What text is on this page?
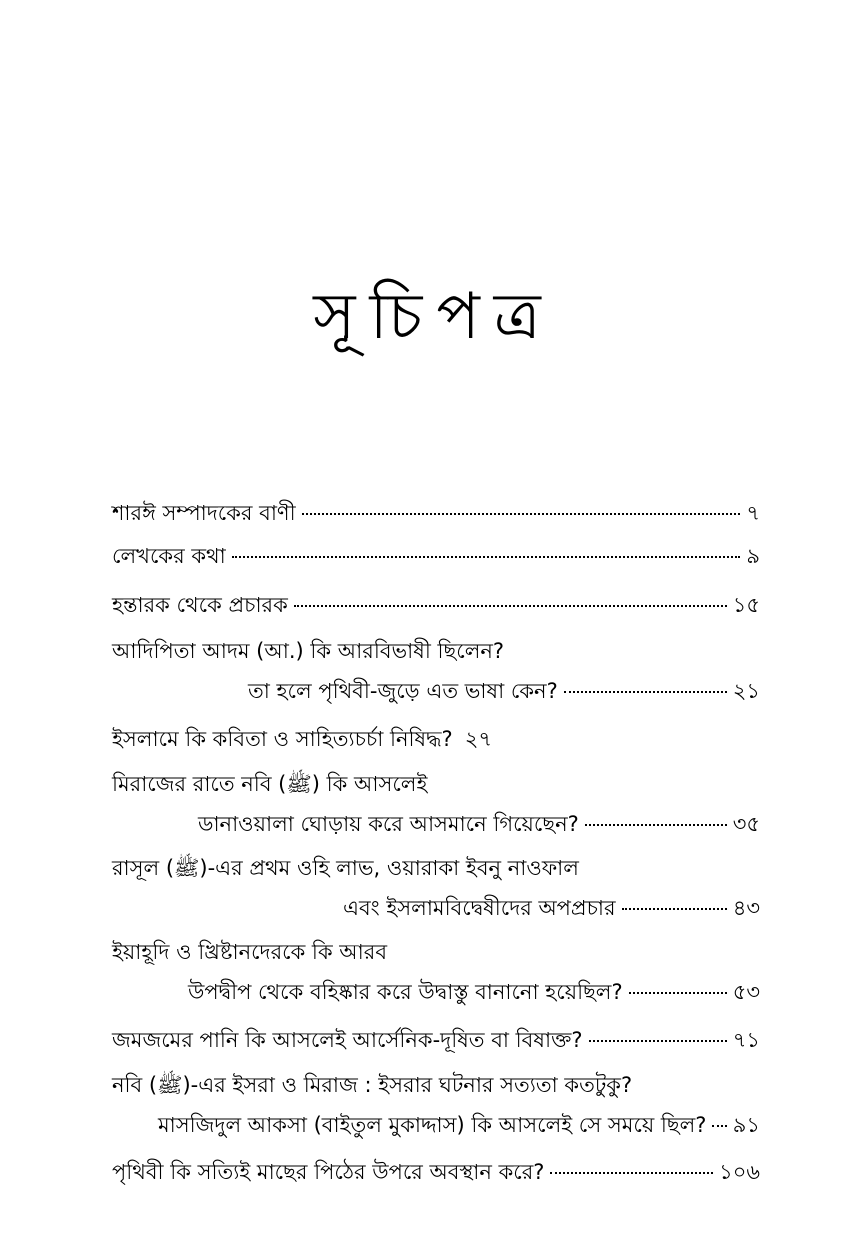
সূচিপত্র
শারঈ সম্পাদকের বাণী	৭
লেখকের কথা	৯
হন্তারক থেকে প্রচারক	১৫
আদিপিতা আদম (আ.) কি আরবিভাষী ছিলেন?
তা হলে পৃথিবী-জুড়ে এত ভাষা কেন?	২১
ইসলামে কি কবিতা ও সাহিত্যচর্চা নিষিদ্ধ? ২৭
মিরাজের রাতে নবি (ﷺ) কি আসলেই
ডানাওয়ালা ঘোড়ায় করে আসমানে গিয়েছেন?	৩৫
রাসূল (ﷺ)-এর প্রথম ওহি লাভ, ওয়ারাকা ইবনু নাওফাল
এবং ইসলামবিদ্বেষীদের অপপ্রচার	৪৩
ইয়াহূদি ও খ্রিষ্টানদেরকে কি আরব
উপদ্বীপ থেকে বহিষ্কার করে উদ্বাস্তু বানানো হয়েছিল?	৫৩
জমজমের পানি কি আসলেই আর্সেনিক-দূষিত বা বিষাক্ত?	৭১
নবি (ﷺ)-এর ইসরা ও মিরাজ : ইসরার ঘটনার সত্যতা কতটুকু?
মাসজিদুল আকসা (বাইতুল মুকাদ্দাস) কি আসলেই সে সময়ে ছিল? ৯১
পৃথিবী কি সত্যিই মাছের পিঠের উপরে অবস্থান করে?	১০৬
